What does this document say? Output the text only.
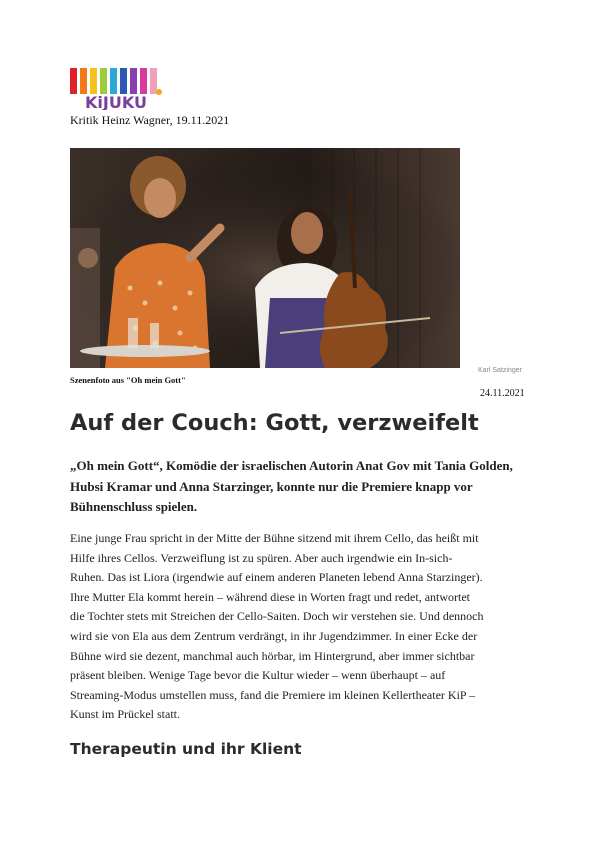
KiJUKU
Kritik Heinz Wagner, 19.11.2021
Karl Satzinger
Szenenfoto aus "Oh mein Gott"
24.11.2021
Auf der Couch: Gott, verzweifelt

„Oh mein Gott“, Komödie der israelischen Autorin Anat Gov mit Tania Golden, Hubsi Kramar und Anna Starzinger, konnte nur die Premiere knapp vor Bühnenschluss spielen.

Eine junge Frau spricht in der Mitte der Bühne sitzend mit ihrem Cello, das heißt mit
Hilfe ihres Cellos. Verzweiflung ist zu spüren. Aber auch irgendwie ein In-sich-
Ruhen. Das ist Liora (irgendwie auf einem anderen Planeten lebend Anna Starzinger).
Ihre Mutter Ela kommt herein – während diese in Worten fragt und redet, antwortet
die Tochter stets mit Streichen der Cello-Saiten. Doch wir verstehen sie. Und dennoch
wird sie von Ela aus dem Zentrum verdrängt, in ihr Jugendzimmer. In einer Ecke der
Bühne wird sie dezent, manchmal auch hörbar, im Hintergrund, aber immer sichtbar
präsent bleiben. Wenige Tage bevor die Kultur wieder – wenn überhaupt – auf
Streaming-Modus umstellen muss, fand die Premiere im kleinen Kellertheater KiP –
Kunst im Prückel statt.

Therapeutin und ihr Klient
